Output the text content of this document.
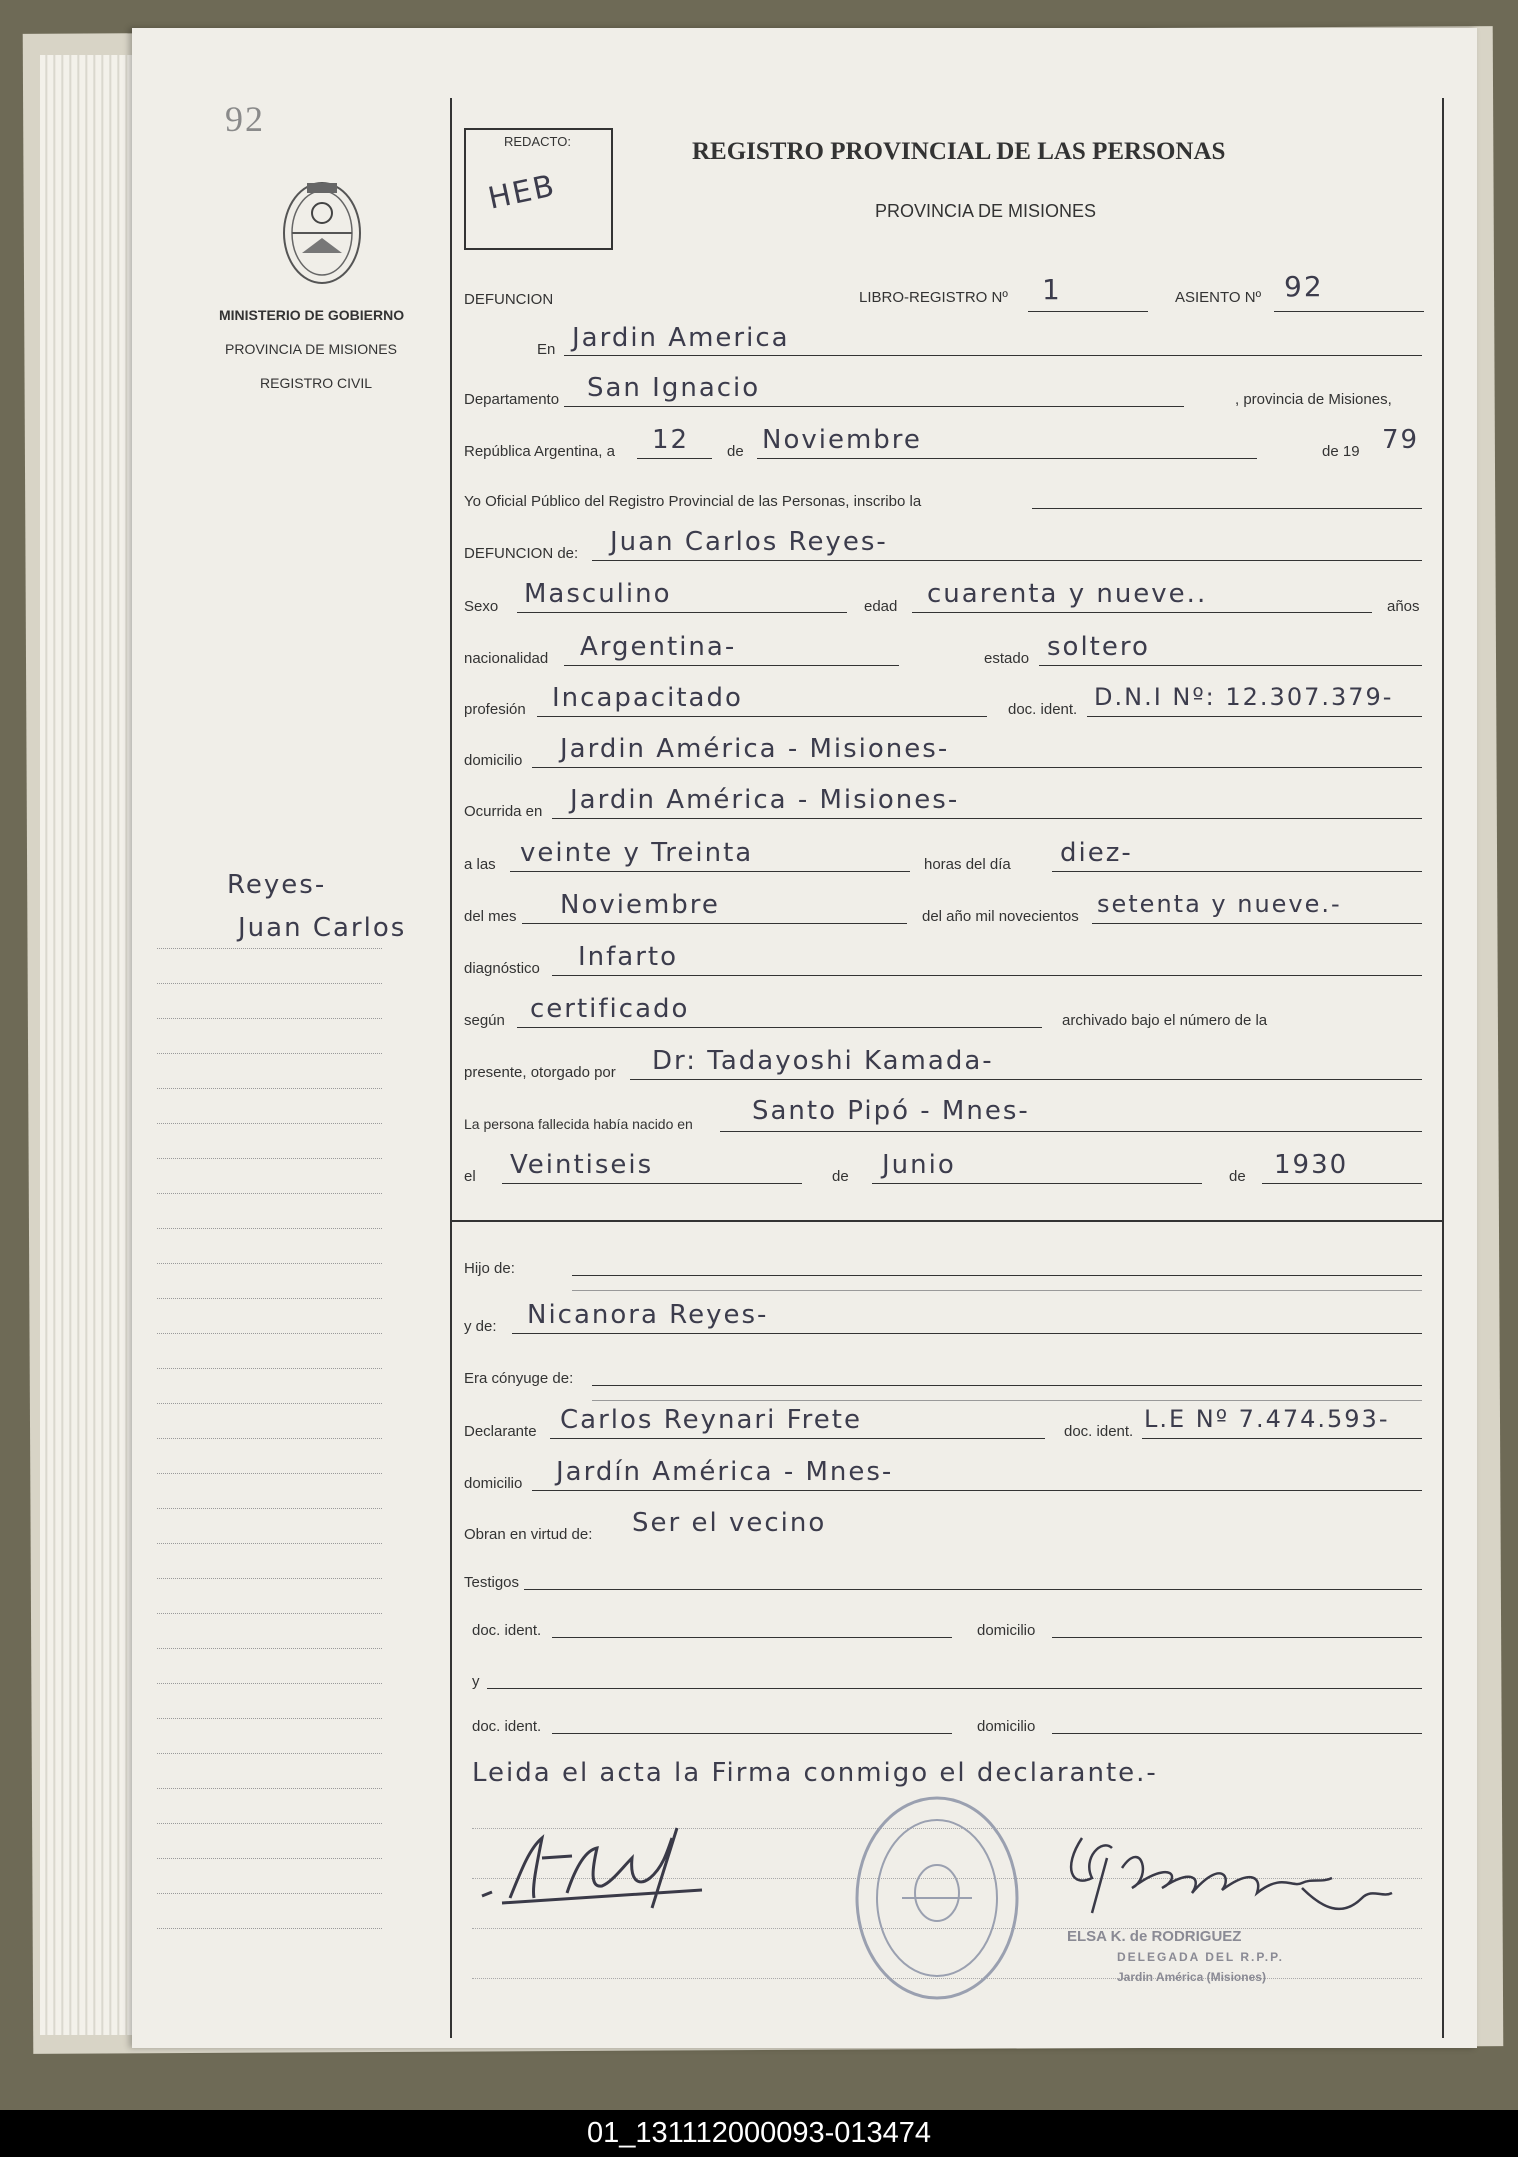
92
MINISTERIO DE GOBIERNO
PROVINCIA DE MISIONES
REGISTRO CIVIL
Reyes-
Juan Carlos
REDACTO:
HEB
REGISTRO PROVINCIAL DE LAS PERSONAS
PROVINCIA DE MISIONES
DEFUNCION	LIBRO-REGISTRO Nº 1	ASIENTO Nº 92
En Jardin America
Departamento San Ignacio	, provincia de Misiones,
República Argentina, a 12	de Noviembre	de 19 79
Yo Oficial Público del Registro Provincial de las Personas, inscribo la
DEFUNCION de: Juan Carlos Reyes-
Sexo Masculino	edad cuarenta y nueve..	años
nacionalidad Argentina-	estado soltero
profesión Incapacitado	doc. ident. D.N.I Nº: 12.307.379-
domicilio Jardin América - Misiones-
Ocurrida en Jardin América - Misiones-
a las veinte y Treinta	horas del día diez-
del mes Noviembre	del año mil novecientos setenta y nueve.-
diagnóstico Infarto
según certificado	archivado bajo el número de la
presente, otorgado por Dr: Tadayoshi Kamada-
La persona fallecida había nacido en Santo Pipó - Mnes-
el Veintiseis	de Junio	de 1930
Hijo de:
y de: Nicanora Reyes-
Era cónyuge de:
Declarante Carlos Reynari Frete	doc. ident. L.E Nº 7.474.593-
domicilio Jardín América - Mnes-
Obran en virtud de: Ser el vecino
Testigos
doc. ident.	domicilio
y
doc. ident.	domicilio
Leida el acta la Firma conmigo el declarante.-
ELSA K. de RODRIGUEZ
DELEGADA DEL R.P.P.
Jardin América (Misiones)
01_131112000093-013474
